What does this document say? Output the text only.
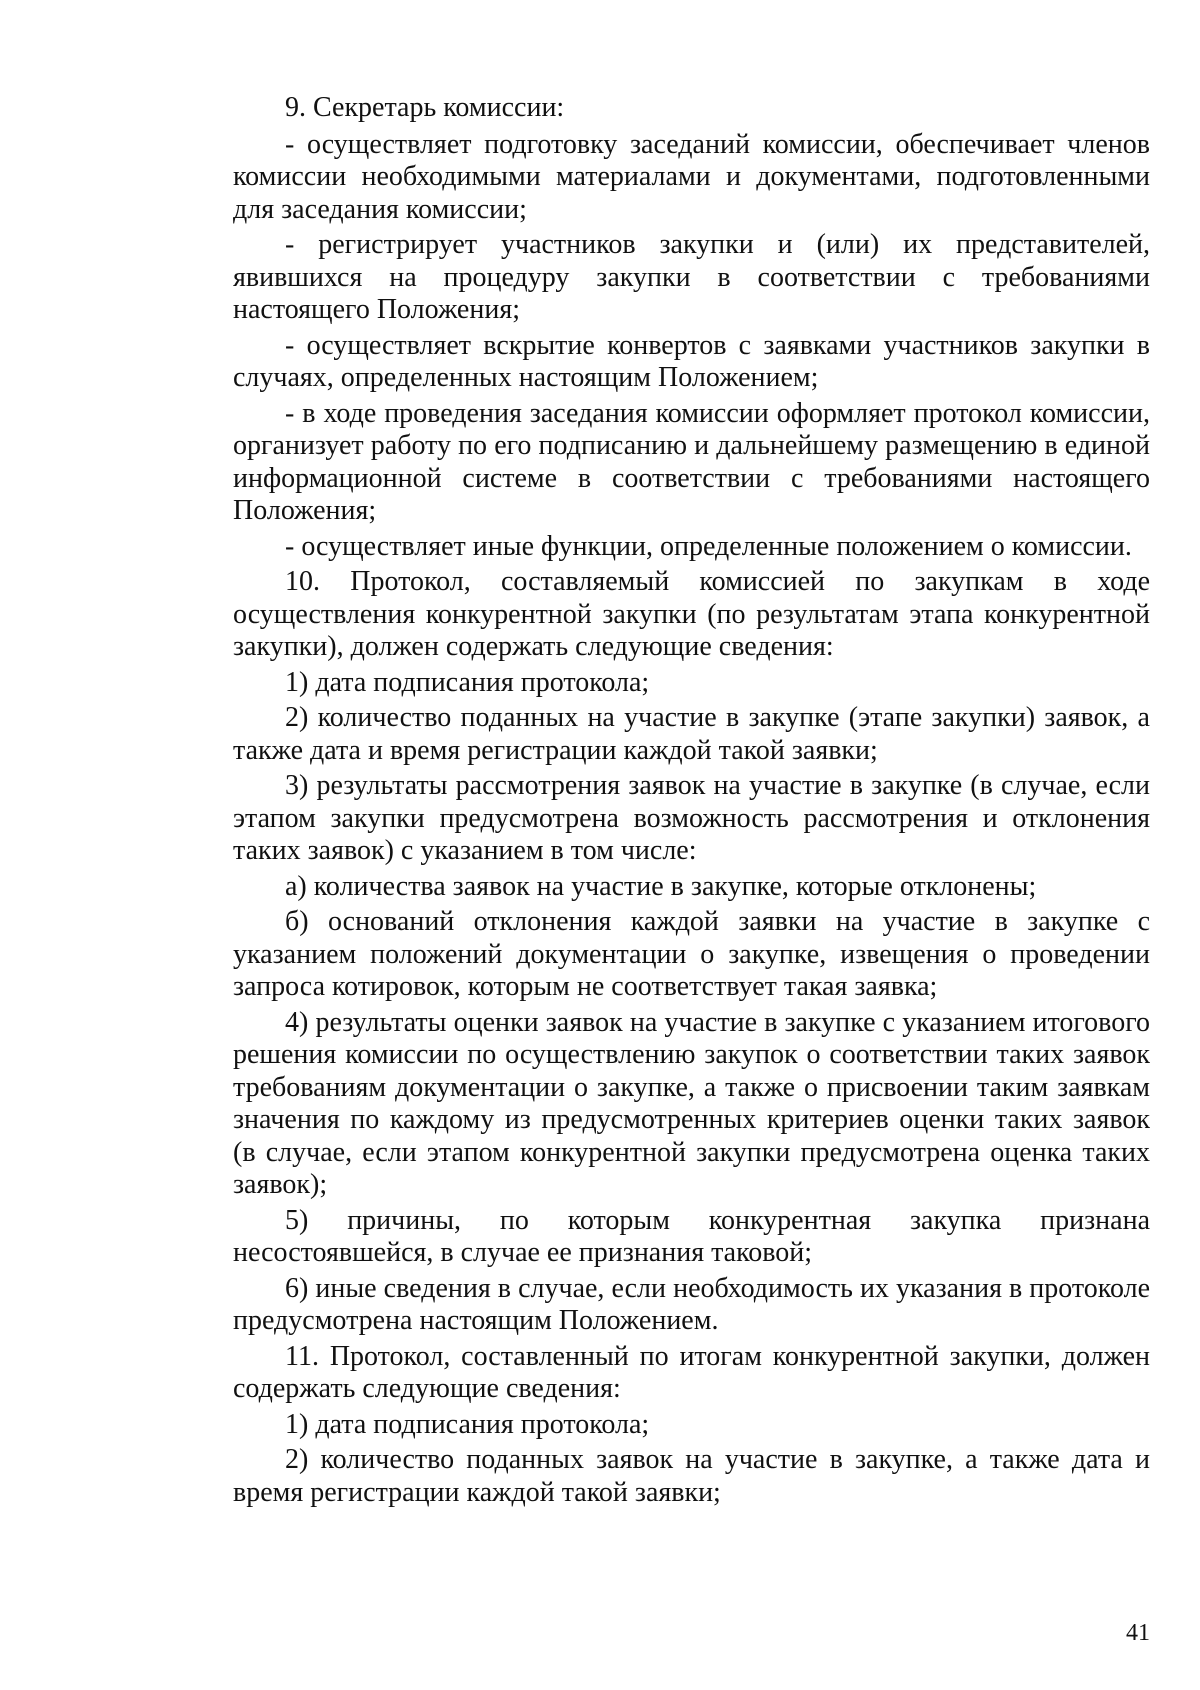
9. Секретарь комиссии:

- осуществляет подготовку заседаний комиссии, обеспечивает членов комиссии необходимыми материалами и документами, подготовленными для заседания комиссии;

- регистрирует участников закупки и (или) их представителей, явившихся на процедуру закупки в соответствии с требованиями настоящего Положения;

- осуществляет вскрытие конвертов с заявками участников закупки в случаях, определенных настоящим Положением;

- в ходе проведения заседания комиссии оформляет протокол комиссии, организует работу по его подписанию и дальнейшему размещению в единой информационной системе в соответствии с требованиями настоящего Положения;

- осуществляет иные функции, определенные положением о комиссии.

10. Протокол, составляемый комиссией по закупкам в ходе осуществления конкурентной закупки (по результатам этапа конкурентной закупки), должен содержать следующие сведения:

1) дата подписания протокола;

2) количество поданных на участие в закупке (этапе закупки) заявок, а также дата и время регистрации каждой такой заявки;

3) результаты рассмотрения заявок на участие в закупке (в случае, если этапом закупки предусмотрена возможность рассмотрения и отклонения таких заявок) с указанием в том числе:

а) количества заявок на участие в закупке, которые отклонены;

б) оснований отклонения каждой заявки на участие в закупке с указанием положений документации о закупке, извещения о проведении запроса котировок, которым не соответствует такая заявка;

4) результаты оценки заявок на участие в закупке с указанием итогового решения комиссии по осуществлению закупок о соответствии таких заявок требованиям документации о закупке, а также о присвоении таким заявкам значения по каждому из предусмотренных критериев оценки таких заявок (в случае, если этапом конкурентной закупки предусмотрена оценка таких заявок);

5) причины, по которым конкурентная закупка признана несостоявшейся, в случае ее признания таковой;

6) иные сведения в случае, если необходимость их указания в протоколе предусмотрена настоящим Положением.

11. Протокол, составленный по итогам конкурентной закупки, должен содержать следующие сведения:

1) дата подписания протокола;

2) количество поданных заявок на участие в закупке, а также дата и время регистрации каждой такой заявки;

41
